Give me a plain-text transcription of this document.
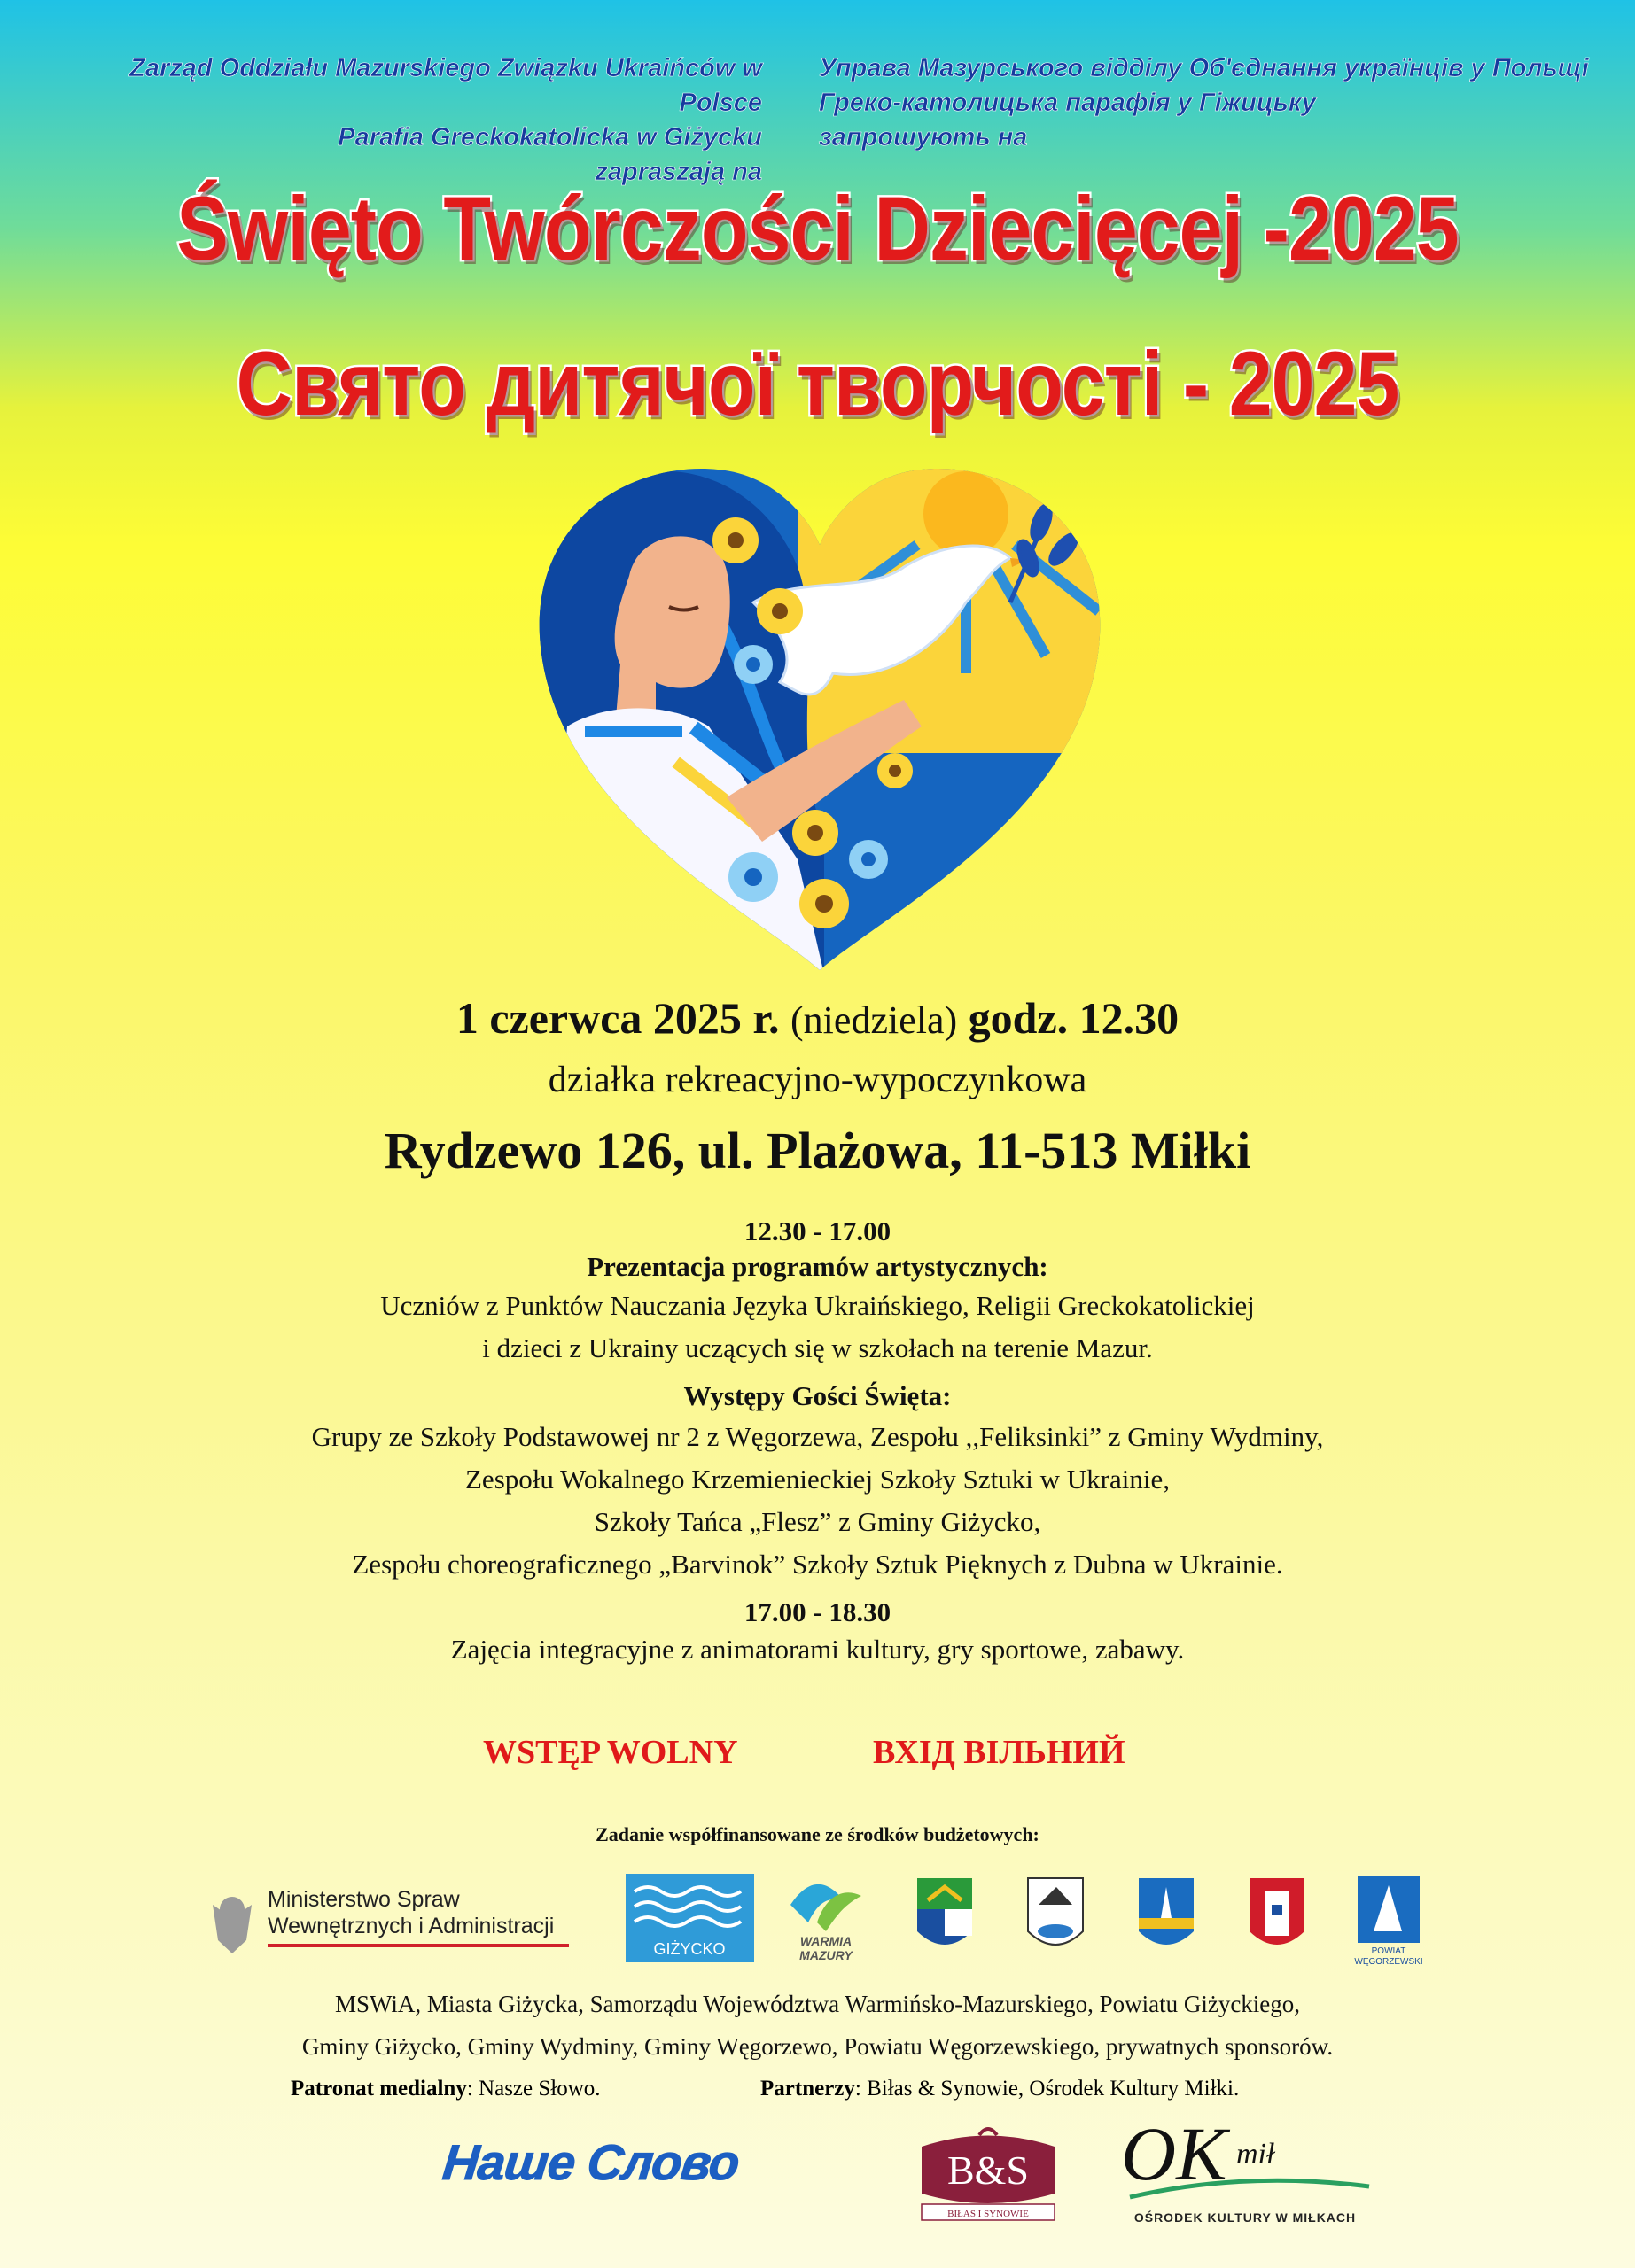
Zarząd Oddziału Mazurskiego Związku Ukraińców w Polsce
Parafia Greckokatolicka w Giżycku
zapraszają na
Управа Мазурського відділу Об'єднання українців у Польщі
Греко-католицька парафія у Гіжицьку
запрошують на
Święto Twórczości Dziecięcej -2025
Свято дитячої творчості - 2025
1 czerwca 2025 r. (niedziela) godz. 12.30
działka rekreacyjno-wypoczynkowa
Rydzewo 126, ul. Plażowa, 11-513 Miłki
12.30 - 17.00
Prezentacja programów artystycznych:
Uczniów z Punktów Nauczania Języka Ukraińskiego, Religii Greckokatolickiej
i dzieci z Ukrainy uczących się w szkołach na terenie Mazur.
Występy Gości Święta:
Grupy ze Szkoły Podstawowej nr 2 z Węgorzewa, Zespołu ,,Feliksinki” z Gminy Wydminy,
Zespołu Wokalnego Krzemienieckiej Szkoły Sztuki w Ukrainie,
Szkoły Tańca „Flesz” z Gminy Giżycko,
Zespołu choreograficznego „Barvinok” Szkoły Sztuk Pięknych z Dubna w Ukrainie.
17.00 - 18.30
Zajęcia integracyjne z animatorami kultury, gry sportowe, zabawy.
WSTĘP WOLNY	ВХІД ВІЛЬНИЙ
Zadanie współfinansowane ze środków budżetowych:
Ministerstwo Spraw
Wewnętrznych i Administracji
GIŻYCKO	WARMIA
MAZURY	POWIAT
WĘGORZEWSKI
MSWiA, Miasta Giżycka, Samorządu Województwa Warmińsko-Mazurskiego, Powiatu Giżyckiego,
Gminy Giżycko, Gminy Wydminy, Gminy Węgorzewo, Powiatu Węgorzewskiego, prywatnych sponsorów.
Patronat medialny: Nasze Słowo.	Partnerzy: Biłas & Synowie, Ośrodek Kultury Miłki.
Наше Слово	B&S
BIŁAS I SYNOWIE
OK mił
OŚRODEK KULTURY W MIŁKACH
